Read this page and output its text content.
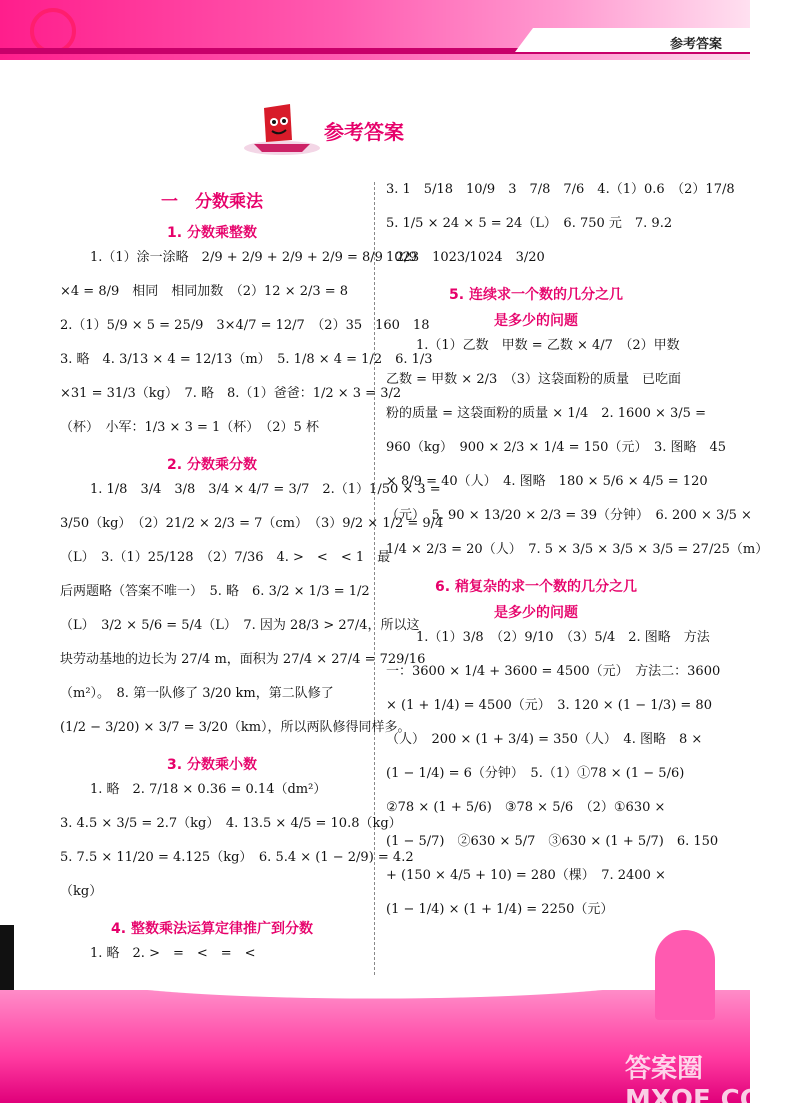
参考答案
参考答案
一　分数乘法
1. 分数乘整数
1.（1）涂一涂略　2/9 + 2/9 + 2/9 + 2/9 = 8/9　2/9
×4 = 8/9　相同　相同加数　（2）12 × 2/3 = 8
2.（1）5/9 × 5 = 25/9　3×4/7 = 12/7　（2）35　160　18
3. 略　4. 3/13 × 4 = 12/13（m）　5. 1/8 × 4 = 1/2　6. 1/3
×31 = 31/3（kg）　7. 略　8.（1）爸爸：1/2 × 3 = 3/2
（杯）　小军：1/3 × 3 = 1（杯）　（2）5 杯
2. 分数乘分数
1. 1/8　3/4　3/8　3/4 × 4/7 = 3/7　2.（1）1/50 × 3 =
3/50（kg）　（2）21/2 × 2/3 = 7（cm）　（3）9/2 × 1/2 = 9/4
（L）　3.（1）25/128　（2）7/36　4. >　<　< 1　最
后两题略（答案不唯一）　5. 略　6. 3/2 × 1/3 = 1/2
（L）　3/2 × 5/6 = 5/4（L）　7. 因为 28/3 > 27/4，所以这
块劳动基地的边长为 27/4 m，面积为 27/4 × 27/4 = 729/16
（m²）。　8. 第一队修了 3/20 km，第二队修了
(1/2 − 3/20) × 3/7 = 3/20（km），所以两队修得同样多。
3. 分数乘小数
1. 略　2. 7/18 × 0.36 = 0.14（dm²）
3. 4.5 × 3/5 = 2.7（kg）　4. 13.5 × 4/5 = 10.8（kg）
5. 7.5 × 11/20 = 4.125（kg）　6. 5.4 × (1 − 2/9) = 4.2
（kg）
4. 整数乘法运算定律推广到分数
1. 略　2. >　=　<　=　<
3. 1　5/18　10/9　3　7/8　7/6　4.（1）0.6　（2）17/8
5. 1/5 × 24 × 5 = 24（L）　6. 750 元　7. 9.2
1023　1023/1024　3/20
5. 连续求一个数的几分之几
是多少的问题
1.（1）乙数　甲数 = 乙数 × 4/7　（2）甲数
乙数 = 甲数 × 2/3　（3）这袋面粉的质量　已吃面
粉的质量 = 这袋面粉的质量 × 1/4　2. 1600 × 3/5 =
960（kg）　900 × 2/3 × 1/4 = 150（元）　3. 图略　45
× 8/9 = 40（人）　4. 图略　180 × 5/6 × 4/5 = 120
（元）　5. 90 × 13/20 × 2/3 = 39（分钟）　6. 200 × 3/5 ×
1/4 × 2/3 = 20（人）　7. 5 × 3/5 × 3/5 × 3/5 = 27/25（m）
6. 稍复杂的求一个数的几分之几
是多少的问题
1.（1）3/8　（2）9/10　（3）5/4　2. 图略　方法
一：3600 × 1/4 + 3600 = 4500（元）　方法二：3600
× (1 + 1/4) = 4500（元）　3. 120 × (1 − 1/3) = 80
（人）　200 × (1 + 3/4) = 350（人）　4. 图略　8 ×
(1 − 1/4) = 6（分钟）　5.（1）①78 × (1 − 5/6)
②78 × (1 + 5/6)　③78 × 5/6　（2）①630 ×
(1 − 5/7)　②630 × 5/7　③630 × (1 + 5/7)　6. 150
+ (150 × 4/5 + 10) = 280（棵）　7. 2400 ×
(1 − 1/4) × (1 + 1/4) = 2250（元）
答案圈 MXQE.COM
